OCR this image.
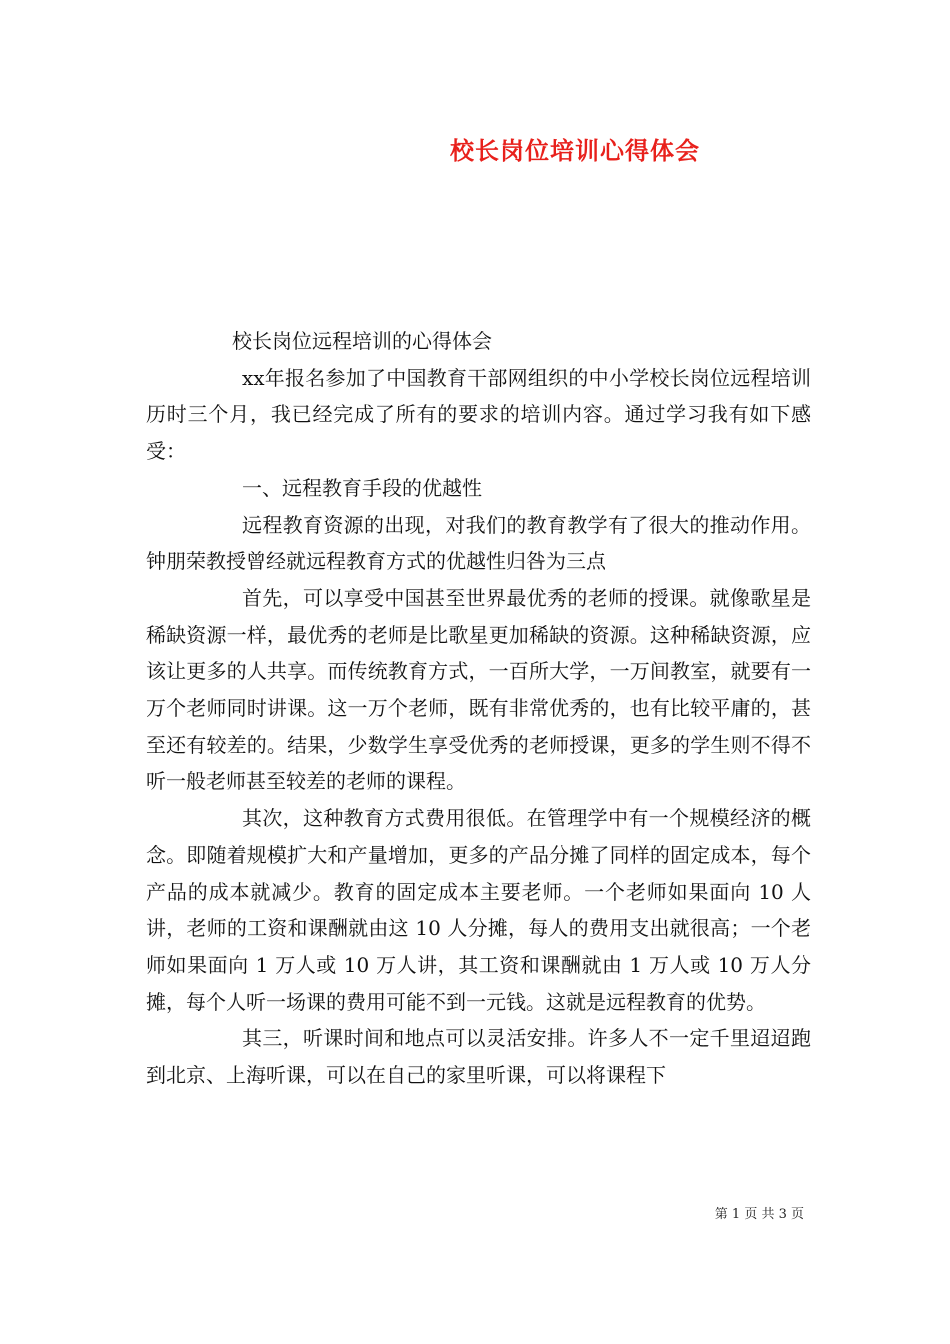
校长岗位培训心得体会

校长岗位远程培训的心得体会

xx年报名参加了中国教育干部网组织的中小学校长岗位远程培训历时三个月，我已经完成了所有的要求的培训内容。通过学习我有如下感受：

一、远程教育手段的优越性

远程教育资源的出现，对我们的教育教学有了很大的推动作用。钟朋荣教授曾经就远程教育方式的优越性归咎为三点

首先，可以享受中国甚至世界最优秀的老师的授课。就像歌星是稀缺资源一样，最优秀的老师是比歌星更加稀缺的资源。这种稀缺资源，应该让更多的人共享。而传统教育方式，一百所大学，一万间教室，就要有一万个老师同时讲课。这一万个老师，既有非常优秀的，也有比较平庸的，甚至还有较差的。结果，少数学生享受优秀的老师授课，更多的学生则不得不听一般老师甚至较差的老师的课程。

其次，这种教育方式费用很低。在管理学中有一个规模经济的概念。即随着规模扩大和产量增加，更多的产品分摊了同样的固定成本，每个产品的成本就减少。教育的固定成本主要老师。一个老师如果面向 10 人讲，老师的工资和课酬就由这 10 人分摊，每人的费用支出就很高；一个老师如果面向 1 万人或 10 万人讲，其工资和课酬就由 1 万人或 10 万人分摊，每个人听一场课的费用可能不到一元钱。这就是远程教育的优势。

其三，听课时间和地点可以灵活安排。许多人不一定千里迢迢跑到北京、上海听课，可以在自己的家里听课，可以将课程下

第 1 页 共 3 页
